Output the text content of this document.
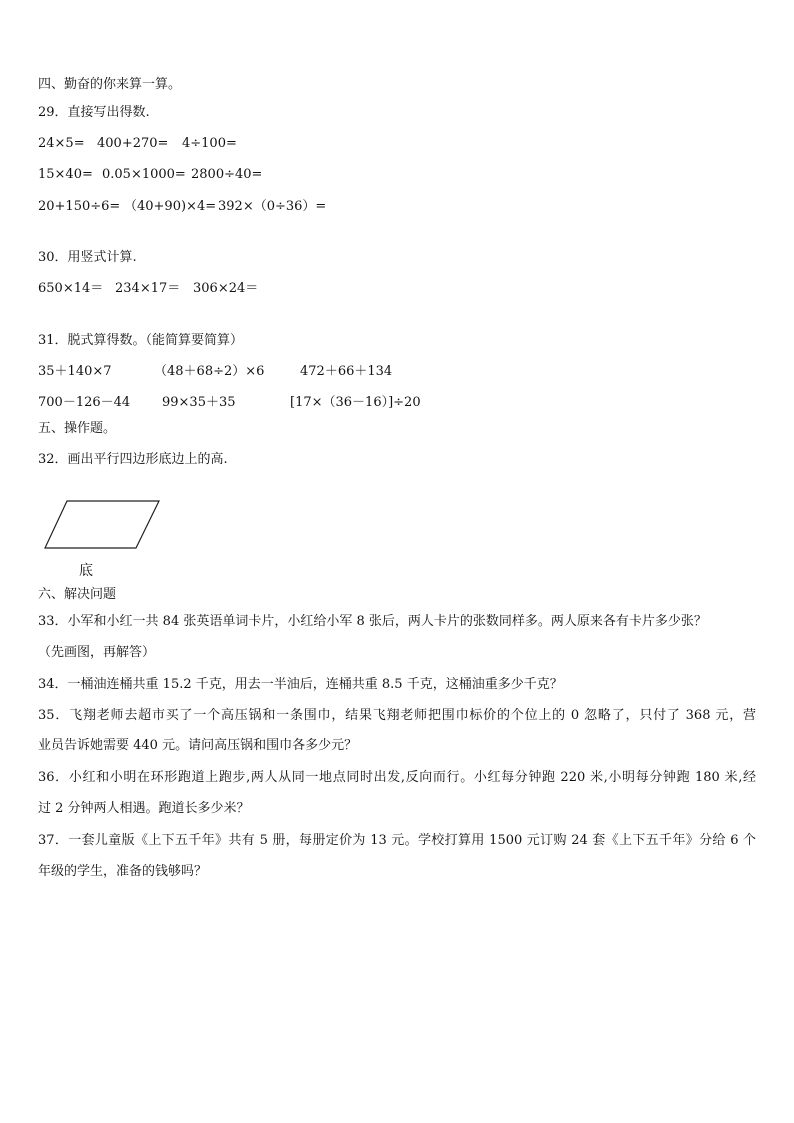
四、勤奋的你来算一算。
29．直接写出得数.
24×5= 400+270= 4÷100=
15×40= 0.05×1000= 2800÷40=
20+150÷6= （40+90)×4= 392×（0÷36）=
30．用竖式计算.
650×14＝ 234×17＝ 306×24＝
31．脱式算得数。（能简算要简算）
35＋140×7	（48＋68÷2）×6	472＋66＋134
700－126－44 99×35＋35	[17×（36－16）]÷20
五、操作题。
32．画出平行四边形底边上的高.
底
六、解决问题
33．小军和小红一共 84 张英语单词卡片，小红给小军 8 张后，两人卡片的张数同样多。两人原来各有卡片多少张？
（先画图，再解答）
34．一桶油连桶共重 15.2 千克，用去一半油后，连桶共重 8.5 千克，这桶油重多少千克？
35．飞翔老师去超市买了一个高压锅和一条围巾，结果飞翔老师把围巾标价的个位上的 0 忽略了，只付了 368 元，营
业员告诉她需要 440 元。请问高压锅和围巾各多少元？
36．小红和小明在环形跑道上跑步,两人从同一地点同时出发,反向而行。小红每分钟跑 220 米,小明每分钟跑 180 米,经
过 2 分钟两人相遇。跑道长多少米？
37．一套儿童版《上下五千年》共有 5 册，每册定价为 13 元。学校打算用 1500 元订购 24 套《上下五千年》分给 6 个
年级的学生，准备的钱够吗？
